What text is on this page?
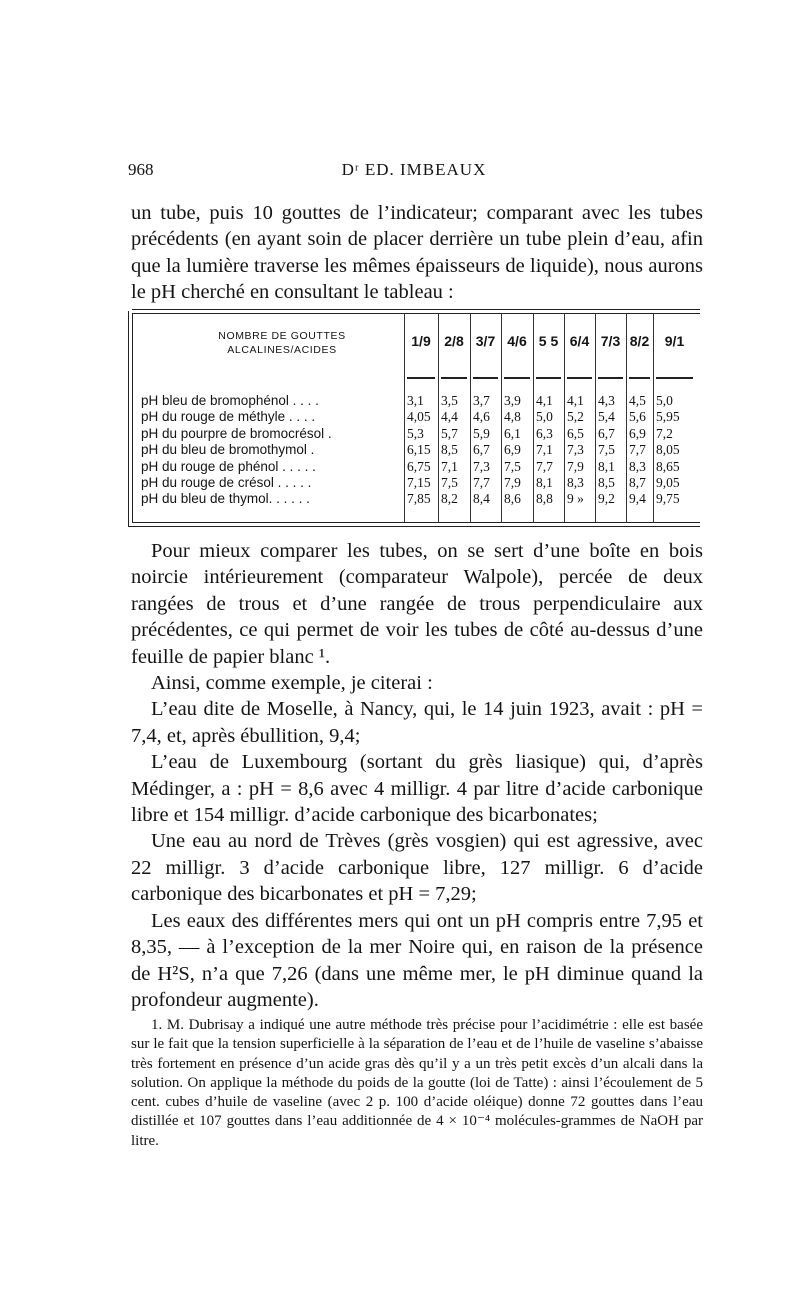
968	Dʳ ED. IMBEAUX

un tube, puis 10 gouttes de l’indicateur; comparant avec les tubes précédents (en ayant soin de placer derrière un tube plein d’eau, afin que la lumière traverse les mêmes épaisseurs de liquide), nous aurons le pH cherché en consultant le tableau :

NOMBRE DE GOUTTES
ALCALINES/ACIDES
1/9 2/8 3/7 4/6 5 5 6/4 7/3 8/2	9/1
pH bleu de bromophénol . . . .	3,1 3,5 3,7 3,9 4,1 4,1 4,3 4,5 5,0
pH du rouge de méthyle . . . .	4,05 4,4 4,6 4,8 5,0 5,2 5,4 5,6 5,95
pH du pourpre de bromocrésol .	5,3 5,7 5,9 6,1 6,3 6,5 6,7 6,9 7,2
pH du bleu de bromothymol .	6,15 8,5 6,7 6,9 7,1 7,3 7,5 7,7 8,05
pH du rouge de phénol . . . . .	6,75 7,1 7,3 7,5 7,7 7,9 8,1 8,3 8,65
pH du rouge de crésol . . . . .	7,15 7,5 7,7 7,9 8,1 8,3 8,5 8,7 9,05
pH du bleu de thymol. . . . . .	7,85 8,2 8,4 8,6 8,8 9 » 9,2 9,4 9,75

Pour mieux comparer les tubes, on se sert d’une boîte en bois noircie intérieurement (comparateur Walpole), percée de deux rangées de trous et d’une rangée de trous perpendiculaire aux précédentes, ce qui permet de voir les tubes de côté au-dessus d’une feuille de papier blanc ¹.

Ainsi, comme exemple, je citerai :

L’eau dite de Moselle, à Nancy, qui, le 14 juin 1923, avait : pH = 7,4, et, après ébullition, 9,4;

L’eau de Luxembourg (sortant du grès liasique) qui, d’après Médinger, a : pH = 8,6 avec 4 milligr. 4 par litre d’acide carbonique libre et 154 milligr. d’acide carbonique des bicarbonates;

Une eau au nord de Trèves (grès vosgien) qui est agressive, avec 22 milligr. 3 d’acide carbonique libre, 127 milligr. 6 d’acide carbonique des bicarbonates et pH = 7,29;

Les eaux des différentes mers qui ont un pH compris entre 7,95 et 8,35, — à l’exception de la mer Noire qui, en raison de la présence de H²S, n’a que 7,26 (dans une même mer, le pH diminue quand la profondeur augmente).

1. M. Dubrisay a indiqué une autre méthode très précise pour l’acidimétrie : elle est basée sur le fait que la tension superficielle à la séparation de l’eau et de l’huile de vaseline s’abaisse très fortement en présence d’un acide gras dès qu’il y a un très petit excès d’un alcali dans la solution. On applique la méthode du poids de la goutte (loi de Tatte) : ainsi l’écoulement de 5 cent. cubes d’huile de vaseline (avec 2 p. 100 d’acide oléique) donne 72 gouttes dans l’eau distillée et 107 gouttes dans l’eau additionnée de 4 × 10⁻⁴ molécules-grammes de NaOH par litre.
